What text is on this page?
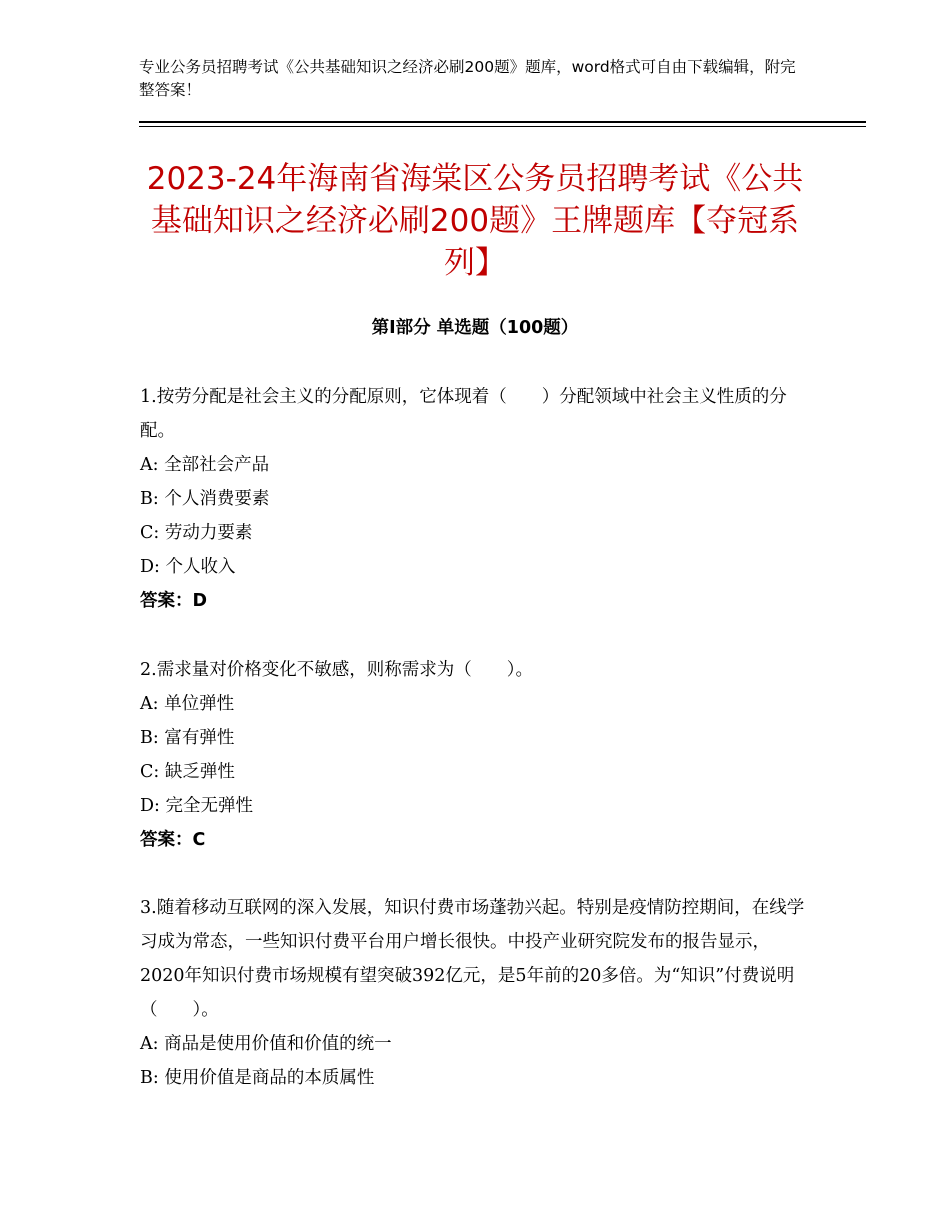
专业公务员招聘考试《公共基础知识之经济必刷200题》题库，word格式可自由下载编辑，附完整答案！
2023-24年海南省海棠区公务员招聘考试《公共基础知识之经济必刷200题》王牌题库【夺冠系列】
第Ⅰ部分 单选题（100题）

1.按劳分配是社会主义的分配原则，它体现着（　　）分配领域中社会主义性质的分配。

A: 全部社会产品

B: 个人消费要素

C: 劳动力要素

D: 个人收入

答案：D

2.需求量对价格变化不敏感，则称需求为（　　）。

A: 单位弹性

B: 富有弹性

C: 缺乏弹性

D: 完全无弹性

答案：C

3.随着移动互联网的深入发展，知识付费市场蓬勃兴起。特别是疫情防控期间，在线学习成为常态，一些知识付费平台用户增长很快。中投产业研究院发布的报告显示，2020年知识付费市场规模有望突破392亿元，是5年前的20多倍。为“知识”付费说明（　　）。

A: 商品是使用价值和价值的统一

B: 使用价值是商品的本质属性
